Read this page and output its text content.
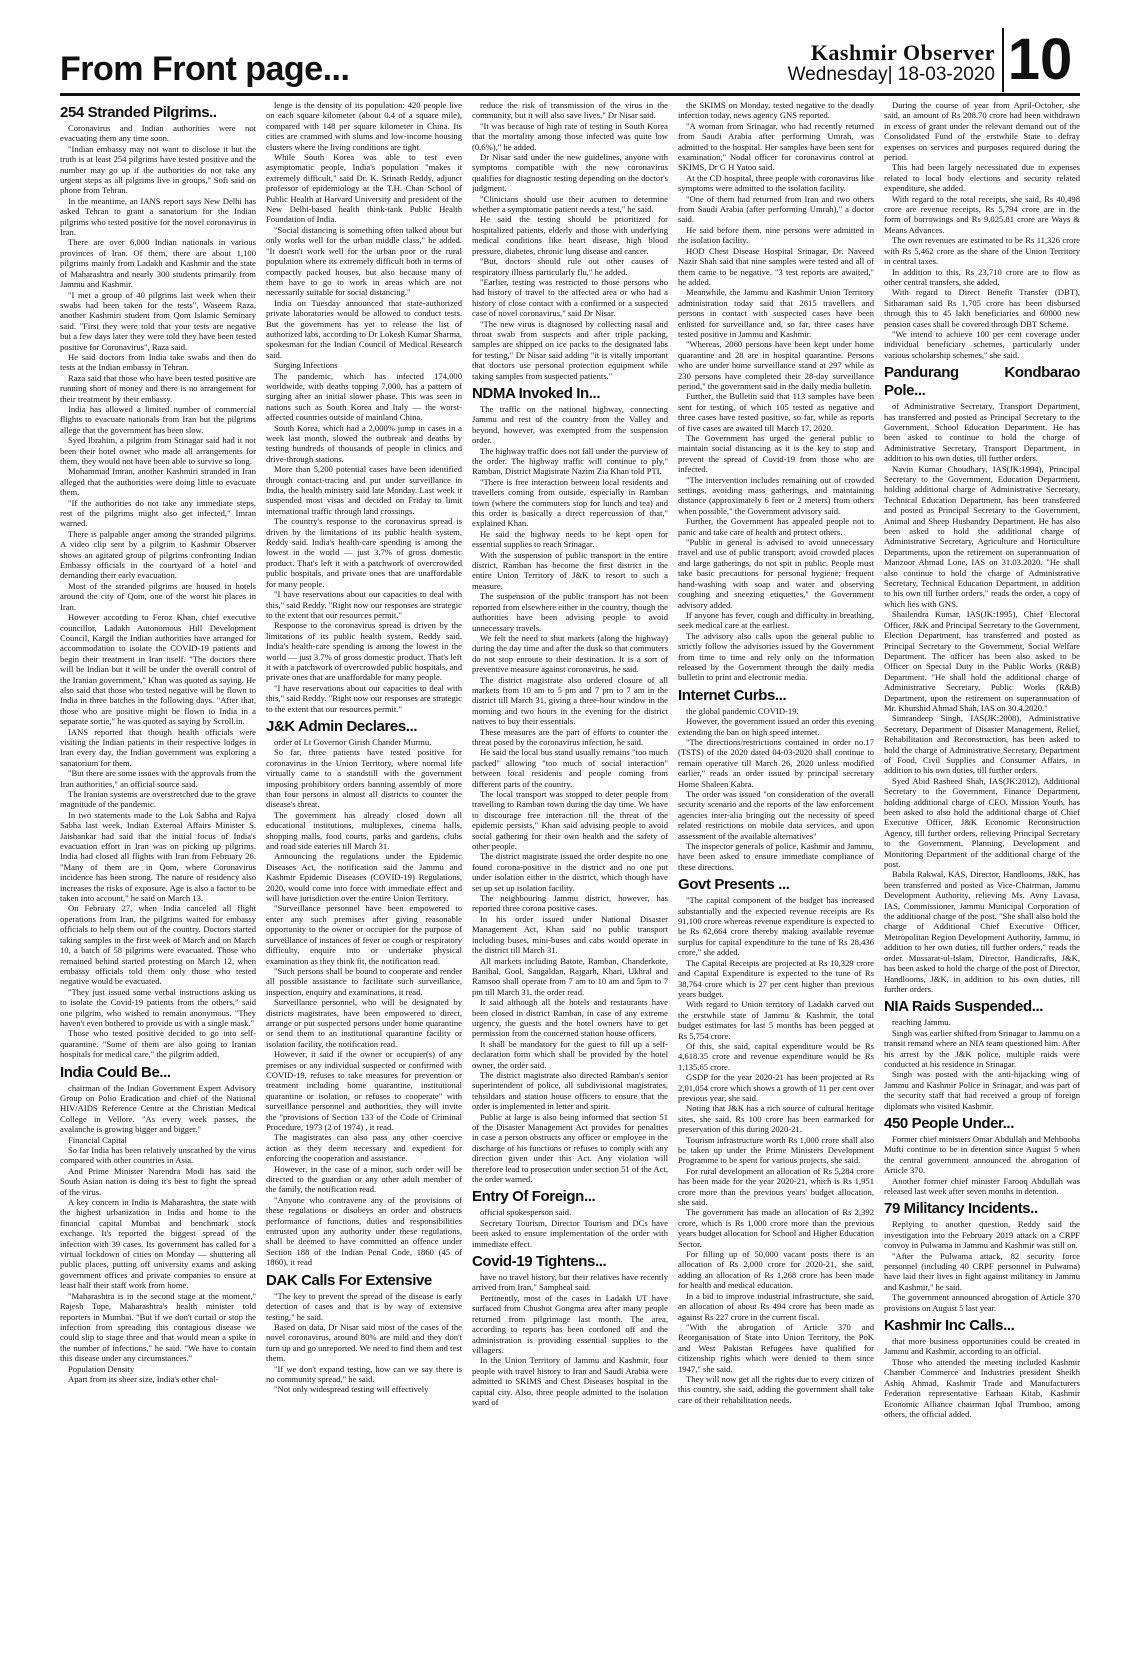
From Front page...	Kashmir Observer
Wednesday| 18-03-2020 10
254 Stranded Pilgrims..

Coronavirus and Indian authorities were not evacuating them any time soon.

"Indian embassy may not want to disclose it but the truth is at least 254 pilgrims have tested positive and the number may go up if the authorities do not take any urgent steps as all pilgrims live in groups," Sofi said on phone from Tehran.

In the meantime, an IANS report says New Delhi has asked Tehran to grant a sanatorium for the Indian pilgrims who tested positive for the novel coronavirus in Iran.

There are over 6,000 Indian nationals in various provinces of Iran. Of them, there are about 1,100 pilgrims mainly from Ladakh and Kashmir and the state of Maharashtra and nearly 300 students primarily from Jammu and Kashmir.

"I met a group of 40 pilgrims last week when their swabs had been taken for the tests", Waseem Raza, another Kashmiri student from Qom Islamic Seminary said. "First they were told that your tests are negative but a few days later they were told they have been tested positive for Coronavirus", Raza said.

He said doctors from India take swabs and then do tests at the Indian embassy in Tehran.

Raza said that those who have been tested positive are running short of money and there is no arrangement for their treatment by their embassy.

India has allowed a limited number of commercial flights to evacuate nationals from Iran but the pilgrims allege that the government has been slow.

Syed Ibrahim, a pilgrim from Srinagar said had it not been their hotel owner who made all arrangements for them, they would not have been able to survive so long.

Mohammad Imran, another Kashmiri stranded in Iran alleged that the authorities were doing little to evacuate them.

"If the authorities do not take any immediate steps, rest of the pilgrims might also get infected," Imran warned.

There is palpable anger among the stranded pilgrims. A video clip sent by a pilgrim to Kashmir Observer shows an agitated group of pilgrims confronting Indian Embassy officials in the courtyard of a hotel and demanding their early evacuation.

Most of the stranded pilgrims are housed in hotels around the city of Qom, one of the worst hit places in Iran.

However according to Feroz Khan, chief executive councillor, Ladakh Autonomous Hill Development Council, Kargil the Indian authorities have arranged for accommodation to isolate the COVID-19 patients and begin their treatment in Iran itself. "The doctors there will be Indian but it will be under the overall control of the Iranian government," Khan was quoted as saying. He also said that those who tested negative will be flown to India in three batches in the following days. "After that, those who are positive might be flown to India in a separate sortie," he was quoted as saying by Scroll.in.

IANS reported that though health officials were visiting the Indian patients in their respective lodges in Iran every day, the Indian government was exploring a sanatorium for them.

"But there are some issues with the approvals from the Iran authorities," an official source said.

The Iranian systems are overstretched due to the grave magnitude of the pandemic.

In two statements made to the Lok Sabha and Rajya Sabha last week, Indian External Affairs Minister S. Jaishankar had said that the initial focus of India's evacuation effort in Iran was on picking up pilgrims. India had closed all flights with Iran from February 26. "Many of them are in Qom, where Coronavirus incidence has been strong. The nature of residency also increases the risks of exposure. Age is also a factor to be taken into account," he said on March 13.

On February 27, when India canceled all flight operations from Iran, the pilgrims waited for embassy officials to help them out of the country. Doctors started taking samples in the first week of March and on March 10, a batch of 58 pilgrims were evacuated. Those who remained behind started protesting on March 12, when embassy officials told them only those who tested negative would be evacuated.

"They just issued some verbal instructions asking us to isolate the Covid-19 patients from the others," said one pilgrim, who wished to remain anonymous. "They haven't even bothered to provide us with a single mask."

Those who tested positive decided to go into self-quarantine. "Some of them are also going to Iranian hospitals for medical care," the pilgrim added.

India Could Be...

chairman of the Indian Government Expert Advisory Group on Polio Eradication and chief of the National HIV/AIDS Reference Centre at the Christian Medical College in Vellore. "As every week passes, the avalanche is growing bigger and bigger."

Financial Capital

So far India has been relatively unscathed by the virus compared with other countries in Asia.

And Prime Minister Narendra Modi has said the South Asian nation is doing it's best to fight the spread of the virus.

A key concern in India is Maharashtra, the state with the highest urbanization in India and home to the financial capital Mumbai and benchmark stock exchange. It's reported the biggest spread of the infection with 39 cases. Its government has called for a virtual lockdown of cities on Monday — shuttering all public places, putting off university exams and asking government offices and private companies to ensure at least half their staff work from home.

"Maharashtra is in the second stage at the moment," Rajesh Tope, Maharashtra's health minister told reporters in Mumbai. "But if we don't curtail or stop the infection from spreading this contagious disease we could slip to stage three and that would mean a spike in the number of infections," he said. "We have to contain this disease under any circumstances."

Population Density

Apart from its sheer size, India's other chal-

lenge is the density of its population: 420 people live on each square kilometer (about 0.4 of a square mile), compared with 148 per square kilometer in China. Its cities are crammed with slums and low-income housing clusters where the living conditions are tight.

While South Korea was able to test even asymptomatic people, India's population "makes it extremely difficult," said Dr. K. Srinath Reddy, adjunct professor of epidemiology at the T.H. Chan School of Public Health at Harvard University and president of the New Delhi-based health think-tank Public Health Foundation of India.

"Social distancing is something often talked about but only works well for the urban middle class," he added. "It doesn't work well for the urban poor or the rural population where its extremely difficult both in terms of compactly packed houses, but also because many of them have to go to work in areas which are not necessarily suitable for social distancing."

India on Tuesday announced that state-authorized private laboratories would be allowed to conduct tests. But the government has yet to release the list of authorized labs, according to Dr Lokesh Kumar Sharma, spokesman for the Indian Council of Medical Research said.

Surging Infections

The pandemic, which has infected 174,000 worldwide, with deaths topping 7,000, has a pattern of surging after an initial slower phase. This was seen in nations such as South Korea and Italy — the worst-affected countries outside of mainland China.

South Korea, which had a 2,000% jump in cases in a week last month, slowed the outbreak and deaths by testing hundreds of thousands of people in clinics and drive-through stations.

More than 5,200 potential cases have been identified through contact-tracing and put under surveillance in India, the health ministry said late Monday. Last week it suspended most visas and decided on Friday to limit international traffic through land crossings.

The country's response to the coronavirus spread is driven by the limitations of its public health system, Reddy said. India's health-care spending is among the lowest in the world — just 3.7% of gross domestic product. That's left it with a patchwork of overcrowded public hospitals, and private ones that are unaffordable for many people.

"I have reservations about our capacities to deal with this," said Reddy. "Right now our responses are strategic to the extent that our resources permit."

Response to the coronavirus spread is driven by the limitations of its public health system, Reddy said. India's health-care spending is among the lowest in the world — just 3.7% of gross domestic product. That's left it with a patchwork of overcrowded public hospitals, and private ones that are unaffordable for many people.

"I have reservations about our capacities to deal with this," said Reddy. "Right now our responses are strategic to the extent that our resources permit."

J&K Admin Declares...

order of Lt Governor Girish Chander Murmu.

So far, three patients have tested positive for coronavirus in the Union Territory, where normal life virtually came to a standstill with the government imposing prohibitory orders banning assembly of more than four persons in almost all districts to counter the disease's threat.

The government has already closed down all educational institutions, multiplexes, cinema halls, shopping malls, food courts, parks and gardens, clubs and road side eateries till March 31.

Announcing the regulations under the Epidemic Diseases Act, the notification said the Jammu and Kashmir Epidemic Diseases (COVID-19) Regulations, 2020, would come into force with immediate effect and will have jurisdiction over the entire Union Territory.

"Surveillance personnel have been empowered to enter any such premises after giving reasonable opportunity to the owner or occupier for the purpose of surveillance of instances of fever or cough or respiratory difficulty, enquire into or undertake physical examination as they think fit, the notification read.

"Such persons shall be bound to cooperate and render all possible assistance to facilitate such surveillance, inspection, enquiry and examinations, it read.

Surveillance personnel, who will be designated by districts magistrates, have been empowered to direct, arrange or put suspected persons under home quarantine or send them to an institutional quarantine facility or isolation facility, the notification read.

However, it said if the owner or occupier(s) of any premises or any individual suspected or confirmed with COVID-19, refuses to take measures for prevention or treatment including home quarantine, institutional quarantine or isolation, or refuses to cooperate" with surveillance personnel and authorities, they will invite the "provisions of Section 133 of the Code of Criminal Procedure, 1973 (2 of 1974) , it read.

The magistrates can also pass any other coercive action as they deem necessary and expedient for enforcing the cooperation and assistance.

However, in the case of a minor, such order will be directed to the guardian or any other adult member of the family, the notification read.

"Anyone who contravene any of the provisions of these regulations or disobeys an order and obstructs performance of functions, duties and responsibilities entrusted upon any authority under these regulations, shall be deemed to have committed an offence under Section 188 of the Indian Penal Code, 1860 (45 of 1860), it read

DAK Calls For Extensive

"The key to prevent the spread of the disease is early detection of cases and that is by way of extensive testing," he said.

Based on data, Dr Nisar said most of the cases of the novel coronavirus, around 80% are mild and they don't turn up and go unreported. We need to find them and test them.

"If we don't expand testing, how can we say there is no community spread," he said.

"Not only widespread testing will effectively

reduce the risk of transmission of the virus in the community, but it will also save lives," Dr Nisar said.

"It was because of high rate of testing in South Korea that the mortality among those infected was quite low (0.6%)," he added.

Dr Nisar said under the new guidelines, anyone with symptoms compatible with the new coronavirus qualifies for diagnostic testing depending on the doctor's judgment.

"Clinicians should use their acumen to determine whether a symptomatic patient needs a test," he said.

He said the testing should be prioritized for hospitalized patients, elderly and those with underlying medical conditions like heart disease, high blood pressure, diabetes, chronic lung disease and cancer.

"But, doctors should rule out other causes of respiratory illness particularly flu," he added.

"Earlier, testing was restricted to those persons who had history of travel to the affected area or who had a history of close contact with a confirmed or a suspected case of novel coronavirus," said Dr Nisar.

"The new virus is diagnosed by collecting nasal and throat swab from suspects and after triple packing, samples are shipped on ice packs to the designated labs for testing," Dr Nisar said adding "it is vitally important that doctors use personal protection equipment while taking samples from suspected patients."

NDMA Invoked In...

The traffic on the national highway, connecting Jammu and rest of the country from the Valley and beyond, however, was exempted from the suspension order.

The highway traffic does not fall under the purview of the order. The highway traffic will continue to ply," Ramban, District Magistrate Nazim Zia Khan told PTI.

"There is free interaction between local residents and travellers coming from outside, especially in Ramban town (where the commuters stop for lunch and tea) and this order is basically a direct repercussion of that," explained Khan.

He said the highway needs to be kept open for essential supplies to reach Srinagar.

With the suspension of public transport in the entire district, Ramban has become the first district in the entire Union Territory of J&K to resort to such a measure.

The suspension of the public transport has not been reported from elsewhere either in the country, though the authorities have been advising people to avoid unnecessary travels.

We felt the need to shut markets (along the highway) during the day time and after the dusk so that commuters do not stop enroute to their destination. It is a sort of preventive measure against coronavirus, he said.

The district magistrate also ordered closure of all markets from 10 am to 5 pm and 7 pm to 7 am in the district till March 31, giving a three-hour window in the morning and two hours in the evening for the district natives to buy their essentials.

These measures are the part of efforts to counter the threat posed by the coronavirus infection, he said.

He said the local bus stand usually remains "too much packed" allowing "too much of social interaction" between local residents and people coming from different parts of the country.

The local transport was stopped to deter people from travelling to Ramban town during the day time. We have to discourage free interaction till the threat of the epidemic persists," Khan said advising people to avoid social gathering for their own health and the safety of other people.

The district magistrate issued the order despite no one found corona-positive in the district and no one put under isolation either in the district, which though have set up set up isolation facility.

The neighbouring Jammu district, however, has reported three corona positive cases.

In his order issued under National Disaster Management Act, Khan said no public transport including buses, mini-buses and cabs would operate in the district till March 31.

All markets including Batote, Ramban, Chanderkote, Banihal, Gool, Sangaldan, Rajgarh, Khari, Ukhral and Ramsoo shall operate from 7 am to 10 am and 5pm to 7 pm till March 31, the order read.

It said although all the hotels and restaurants have been closed in district Ramban, in case of any extreme urgency, the guests and the hotel owners have to get permission from the concerned station house officers.

It shall be mandatory for the guest to fill up a self-declaration form which shall be provided by the hotel owner, the order said.

The district magistrate also directed Ramban's senior superintendent of police, all subdivisional magistrates, tehsildars and station house officers to ensure that the order is implemented in letter and spirit.

Public at large is also being informed that section 51 of the Disaster Management Act provides for penalties in case a person obstructs any officer or employee in the discharge of his functions or refuses to comply with any direction given under this Act. Any violation will therefore lead to prosecution under section 51 of the Act, the order warned.

Entry Of Foreign...

official spokesperson said.

Secretary Tourism, Director Tourism and DCs have been asked to ensure implementation of the order with immediate effect.

Covid-19 Tightens...

have no travel history, but their relatives have recently arrived from Iran," Sampheal said.

Pertinently, most of the cases in Ladakh UT have surfaced from Chushot Gongma area after many people returned from pilgrimage last month. The area, according to reports has been cordoned off and the administration is providing essential supplies to the villagers.

In the Union Territory of Jammu and Kashmir, four people with travel history to Iran and Saudi Arabia were admitted to SKIMS and Chest Diseases hospital in the capital city. Also, three people admitted to the isolation ward of

the SKIMS on Monday, tested negative to the deadly infection today, news agency GNS reported.

"A woman from Srinagar, who had recently returned from Saudi Arabia after performing Umrah, was admitted to the hospital. Her samples have been sent for examination," Nodal officer for coronavirus control at SKIMS, Dr G H Yatoo said.

At the CD hospital, three people with coronavirus like symptoms were admitted to the isolation facility.

"One of them had returned from Iran and two others from Saudi Arabia (after performing Umrah)," a doctor said.

He said before them, nine persons were admitted in the isolation facility.

HOD Chest Disease Hospital Srinagar, Dr. Naveed Nazir Shah said that nine samples were tested and all of them came to be negative. "3 test reports are awaited," he added.

Meanwhile, the Jammu and Kashmir Union Territory administration today said that 2615 travellers and persons in contact with suspected cases have been enlisted for surveillance and, so far, three cases have tested positive in Jammu and Kashmir.

"Whereas, 2060 persons have been kept under home quarantine and 28 are in hospital quarantine. Persons who are under home surveillance stand at 297 while as 230 persons have completed their 28-day surveillance period," the government said in the daily media bulletin.

Further, the Bulletin said that 113 samples have been sent for testing, of which 105 tested as negative and three cases have tested positive, so far, while as reports of five cases are awaited till March 17, 2020.

The Government has urged the general public to maintain social distancing as it is the key to stop and prevent the spread of Covid-19 from those who are infected.

"The intervention includes remaining out of crowded settings, avoiding mass gatherings, and maintaining distance (approximately 6 feet or 2 meters) from others when possible," the Government advisory said.

Further, the Government has appealed people not to panic and take care of health and protect others.

"Public in general is advised to avoid unnecessary travel and use of public transport; avoid crowded places and large gatherings, do not spit in public. People must take basic precautions for personal hygiene; frequent hand-washing with soap and water and observing coughing and sneezing etiquettes," the Government advisory added.

If anyone has fever, cough and difficulty in breathing, seek medical care at the earliest.

The advisory also calls upon the general public to strictly follow the advisories issued by the Government from time to time and rely only on the information released by the Government through the daily media bulletin to print and electronic media.

Internet Curbs...

the global pandemic COVID-19.

However, the government issued an order this evening extending the ban on high speed internet.

"The directions/restrictions contained in order no.17 (TSTS) of the 2020 dated 04-03-2020 shall continue to remain operative till March 26, 2020 unless modified earlier," reads an order issued by principal secretary Home Shaleen Kabra.

The order was issued "on consideration of the overall security scenario and the reports of the law enforcement agencies inter-alia bringing out the necessity of speed related restrictions on mobile data services, and upon assessment of the available alternatives"

The inspector generals of police, Kashmir and Jammu, have been asked to ensure immediate compliance of these directions.

Govt Presents ...

"The capital component of the budget has increased substantially and the expected revenue receipts are Rs 91,100 crore whereas revenue expenditure is expected to be Rs 62,664 crore thereby making available revenue surplus for capital expenditure to the tune of Rs 28,436 crore," she added.

The Capital Receipts are projected at Rs 10,329 crore and Capital Expenditure is expected to the tune of Rs 38,764 crore which is 27 per cent higher than previous years budget.

With regard to Union territory of Ladakh carved out the erstwhile state of Jammu & Kashmir, the total budget estimates for last 5 months has been pegged at Rs 5,754 crore.

Of this, she said, capital expenditure would be Rs 4,618.35 crore and revenue expenditure would be Rs 1,135.65 crore.

GSDP for the year 2020-21 has been projected at Rs 2,01,054 crore which shows a growth of 11 per cent over previous year, she said.

Noting that J&K has a rich source of cultural heritage sites, she said, Rs 100 crore has been earmarked for preservation of this during 2020-21.

Tourism infrastructure worth Rs 1,000 crore shall also be taken up under the Prime Ministers Development Programme to be spent for various projects, she said.

For rural development an allocation of Rs 5,284 crore has been made for the year 2020-21, which is Rs 1,951 crore more than the previous years' budget allocation, she said.

The government has made an allocation of Rs 2,392 crore, which is Rs 1,000 crore more than the previous years budget allocation for School and Higher Education Sector.

For filling up of 50,000 vacant posts there is an allocation of Rs 2,000 crore for 2020-21, she said, adding an allocation of Rs 1,268 crore has been made for health and medical education.

In a bid to improve industrial infrastructure, she said, an allocation of about Rs 494 crore has been made as against Rs 227 crore in the current fiscal.

"With the abrogation of Article 370 and Reorganisation of State into Union Territory, the PoK and West Pakistan Refugees have qualified for citizenship rights which were denied to them since 1947," she said.

They will now get all the rights due to every citizen of this country, she said, adding the government shall take care of their rehabilitation needs.

During the course of year from April-October, she said, an amount of Rs 208.70 crore had been withdrawn in excess of grant under the relevant demand out of the Consolidated Fund of the erstwhile State to defray expenses on services and purposes required during the period.

This had been largely necessitated due to expenses related to local body elections and security related expenditure, she added.

With regard to the total receipts, she said, Rs 40,498 crore are revenue receipts, Rs 5,794 crore are in the form of borrowings and Rs 9,025.81 crore are Ways & Means Advances.

The own revenues are estimated to be Rs 11,326 crore with Rs 5,462 crore as the share of the Union Territory in central taxes.

In addition to this, Rs 23,710 crore are to flow as other central transfers, she added.

With regard to Direct Benefit Transfer (DBT), Sitharaman said Rs 1,705 crore has been disbursed through this to 45 lakh beneficiaries and 60000 new pension cases shall be covered through DBT Scheme.

"We intend to achieve 100 per cent coverage under individual beneficiary schemes, particularly under various scholarship schemes," she said.

Pandurang Kondbarao Pole...

of Administrative Secretary, Transport Department, has transferred and posted as Principal Secretary to the Government, School Education Department. He has been asked to continue to hold the charge of Administrative Secretary, Transport Department, in addition to his own duties, till further orders.

Navin Kumar Choudhary, IAS(JK:1994), Principal Secretary to the Government, Education Department, holding additional charge of Administrative Secretary, Technical Education Department, has been transferred and posted as Principal Secretary to the Government, Animal and Sheep Husbandry Department. He has also been asked to hold the additional charge of Administrative Secretary, Agriculture and Horticulture Departments, upon the retirement on superannuation of Manzoor Ahmad Lone, IAS on 31.03.2020. "He shall also continue to hold the charge of Administrative Secretary, Technical Education Department, in addition to his own till further orders," reads the order, a copy of which lies with GNS.

Shailendra Kumar, IAS(JK:1995), Chief Electoral Officer, J&K and Principal Secretary to the Government, Election Department, has transferred and posted as Principal Secretary to the Government, Social Welfare Department. The officer has been also asked to be Officer on Special Duty in the Public Works (R&B) Department. "He shall hold the additional charge of Administrative Secretary, Public Works (R&B) Department, upon the retirement on superannuation of Mr. Khurshid Ahmad Shah, IAS on 30.4.2020."

Simrandeep Singh, IAS(JK:2008), Administrative Secretary, Department of Disaster Management, Relief, Rehabilitation and Reconstruction, has been asked to hold the charge of Administrative Secretary, Department of Food, Civil Supplies and Consumer Affairs, in addition to his own duties, till further orders.

Syed Abid Rasheed Shah, IAS(JK:2012), Additional Secretary to the Government, Finance Department, holding additional charge of CEO, Mission Youth, has been asked to also hold the additional charge of Chief Executive Officer, J&K Economic Reconstruction Agency, till further orders, relieving Principal Secretary to the Government, Planning, Development and Monitoring Department of the additional charge of the post.

Babila Rakwal, KAS, Director, Handlooms, J&K, has been transferred and posted as Vice-Chairman, Jammu Development Authority, relieving Ms. Avny Lavasa, IAS, Commissioner, Jammu Municipal Corporation of the additional charge of the post. "She shall also hold the charge of Additional Chief Executive Officer, Metropolitan Region Development Authority, Jammu, in addition to her own duties, till further orders," reads the order. Mussarat-ul-Islam, Director, Handicrafts, J&K, has been asked to hold the charge of the post of Director, Handlooms, J&K, in addition to his own duties, till further orders.

NIA Raids Suspended...

reaching Jammu.

Singh was earlier shifted from Srinagar to Jammu on a transit remand where an NIA team questioned him. After his arrest by the J&K police, multiple raids were conducted at his residence in Srinagar.

Singh was posted with the anti-hijacking wing of Jammu and Kashmir Police in Srinagar, and was part of the security staff that had received a group of foreign diplomats who visited Kashmir.

450 People Under...

Former chief ministers Omar Abdullah and Mehbooba Mufti continue to be in detention since August 5 when the central government announced the abrogation of Article 370.

Another former chief minister Farooq Abdullah was released last week after seven months in detention.

79 Militancy Incidents..

Replying to another question, Reddy said the investigation into the February 2019 attack on a CRPF convoy in Pulwama in Jammu and Kashmir was still on.

"After the Pulwama attack, 82 security force personnel (including 40 CRPF personnel in Pulwama) have laid their lives in fight against militancy in Jammu and Kashmir," he said.

The government announced abrogation of Article 370 provisions on August 5 last year.

Kashmir Inc Calls...

that more business opportunities could be created in Jammu and Kashmir, according to an official.

Those who attended the meeting included Kashmir Chamber Commerce and Industries president Sheikh Ashiq Ahmad, Kashmir Trade and Manufacturers Federation representative Farhaan Kitab, Kashmir Economic Alliance chairman Iqbal Trumboo, among others, the official added.
